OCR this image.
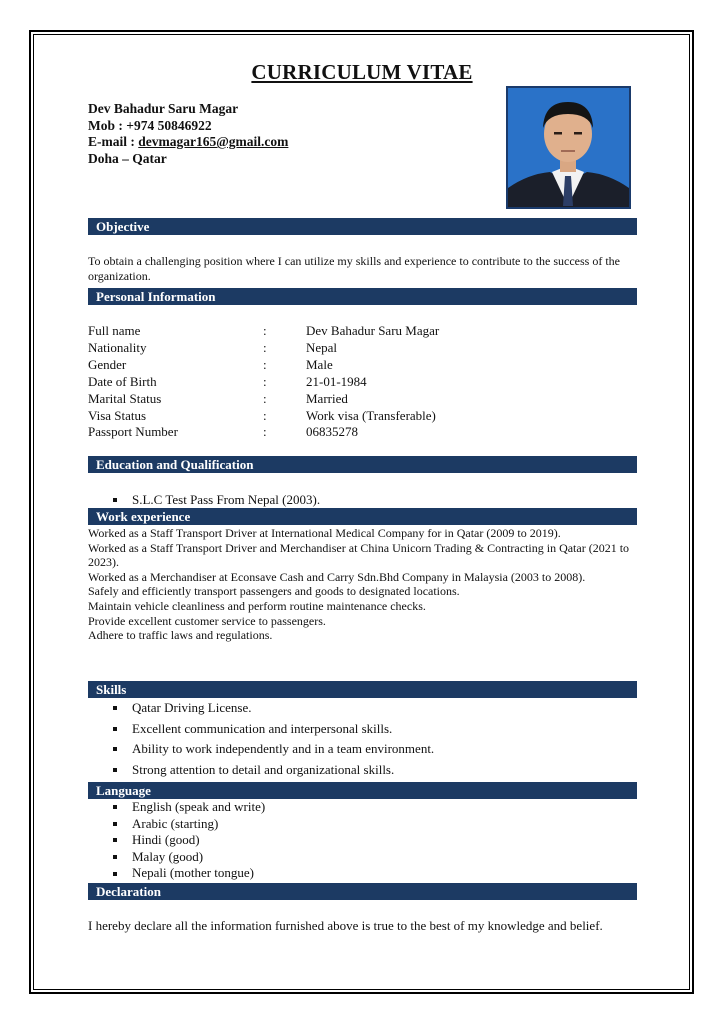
CURRICULUM VITAE
Dev Bahadur Saru Magar
Mob : +974 50846922
E-mail : devmagar165@gmail.com
Doha – Qatar
Objective
To obtain a challenging position where I can utilize my skills and experience to contribute to the success of the organization.
Personal Information
Full name	:	Dev Bahadur Saru Magar
Nationality	:	Nepal
Gender	:	Male
Date of Birth	:	21-01-1984
Marital Status	:	Married
Visa Status	:	Work visa (Transferable)
Passport Number	:	06835278
Education and Qualification
S.L.C Test Pass From Nepal (2003).
Work experience
Worked as a Staff Transport Driver at International Medical Company for in Qatar (2009 to 2019).
Worked as a Staff Transport Driver and Merchandiser at China Unicorn Trading & Contracting in Qatar (2021 to 2023).
Worked as a Merchandiser at Econsave Cash and Carry Sdn.Bhd Company in Malaysia (2003 to 2008).
Safely and efficiently transport passengers and goods to designated locations.
Maintain vehicle cleanliness and perform routine maintenance checks.
Provide excellent customer service to passengers.
Adhere to traffic laws and regulations.
Skills
Qatar Driving License.
Excellent communication and interpersonal skills.
Ability to work independently and in a team environment.
Strong attention to detail and organizational skills.
Language
English (speak and write)
Arabic (starting)
Hindi (good)
Malay (good)
Nepali (mother tongue)
Declaration
I hereby declare all the information furnished above is true to the best of my knowledge and belief.
